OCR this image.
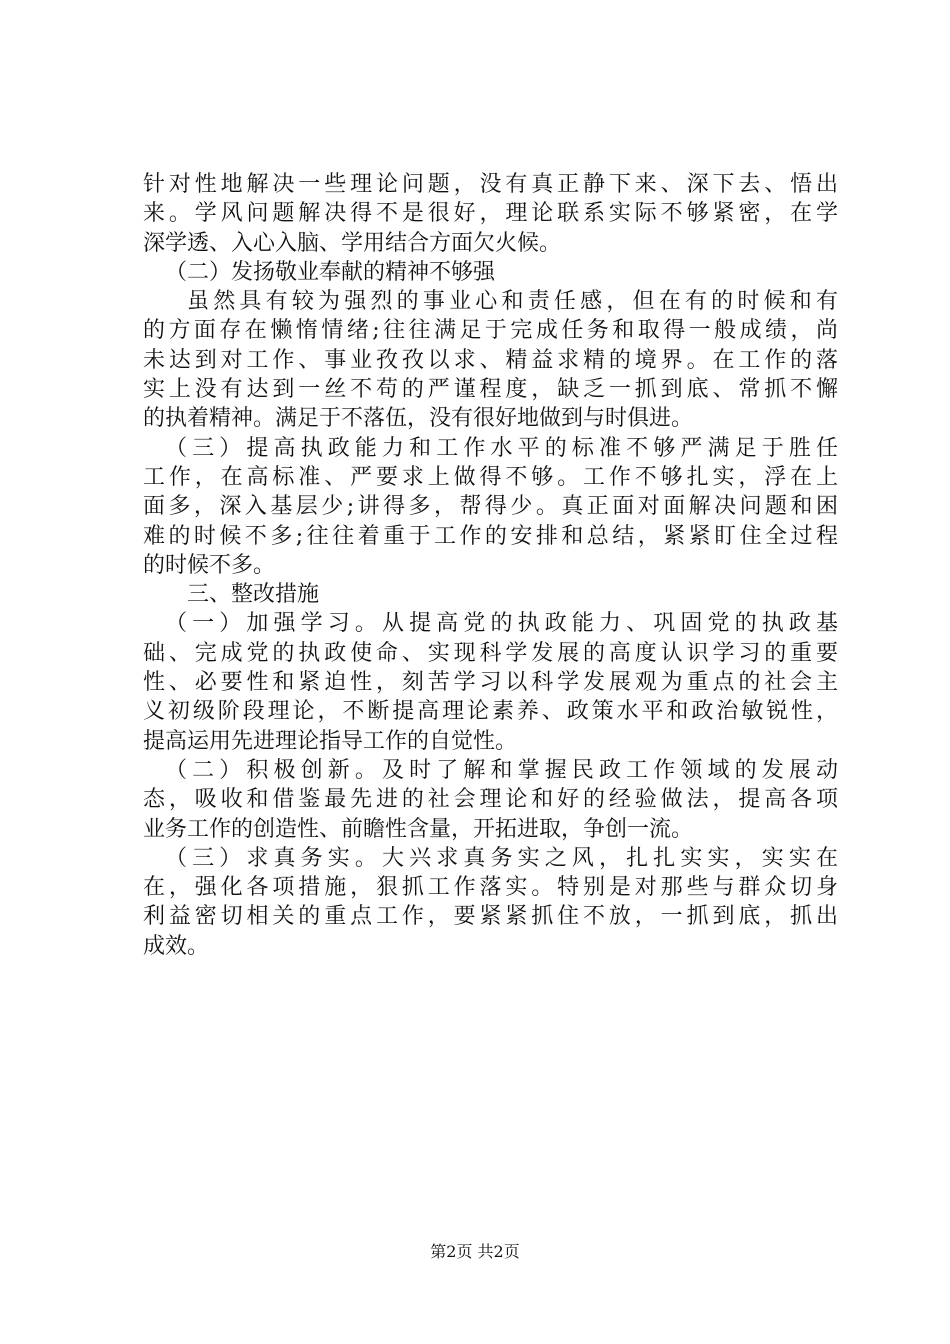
针对性地解决一些理论问题，没有真正静下来、深下去、悟出
来。学风问题解决得不是很好，理论联系实际不够紧密，在学
深学透、入心入脑、学用结合方面欠火候。
（二）发扬敬业奉献的精神不够强
虽然具有较为强烈的事业心和责任感，但在有的时候和有
的方面存在懒惰情绪;往往满足于完成任务和取得一般成绩，尚
未达到对工作、事业孜孜以求、精益求精的境界。在工作的落
实上没有达到一丝不苟的严谨程度，缺乏一抓到底、常抓不懈
的执着精神。满足于不落伍，没有很好地做到与时俱进。
（三）提高执政能力和工作水平的标准不够严满足于胜任
工作，在高标准、严要求上做得不够。工作不够扎实，浮在上
面多，深入基层少;讲得多，帮得少。真正面对面解决问题和困
难的时候不多;往往着重于工作的安排和总结，紧紧盯住全过程
的时候不多。
三、整改措施
（一）加强学习。从提高党的执政能力、巩固党的执政基
础、完成党的执政使命、实现科学发展的高度认识学习的重要
性、必要性和紧迫性，刻苦学习以科学发展观为重点的社会主
义初级阶段理论，不断提高理论素养、政策水平和政治敏锐性，
提高运用先进理论指导工作的自觉性。
（二）积极创新。及时了解和掌握民政工作领域的发展动
态，吸收和借鉴最先进的社会理论和好的经验做法，提高各项
业务工作的创造性、前瞻性含量，开拓进取，争创一流。
（三）求真务实。大兴求真务实之风，扎扎实实，实实在
在，强化各项措施，狠抓工作落实。特别是对那些与群众切身
利益密切相关的重点工作，要紧紧抓住不放，一抓到底，抓出
成效。
第2页 共2页
